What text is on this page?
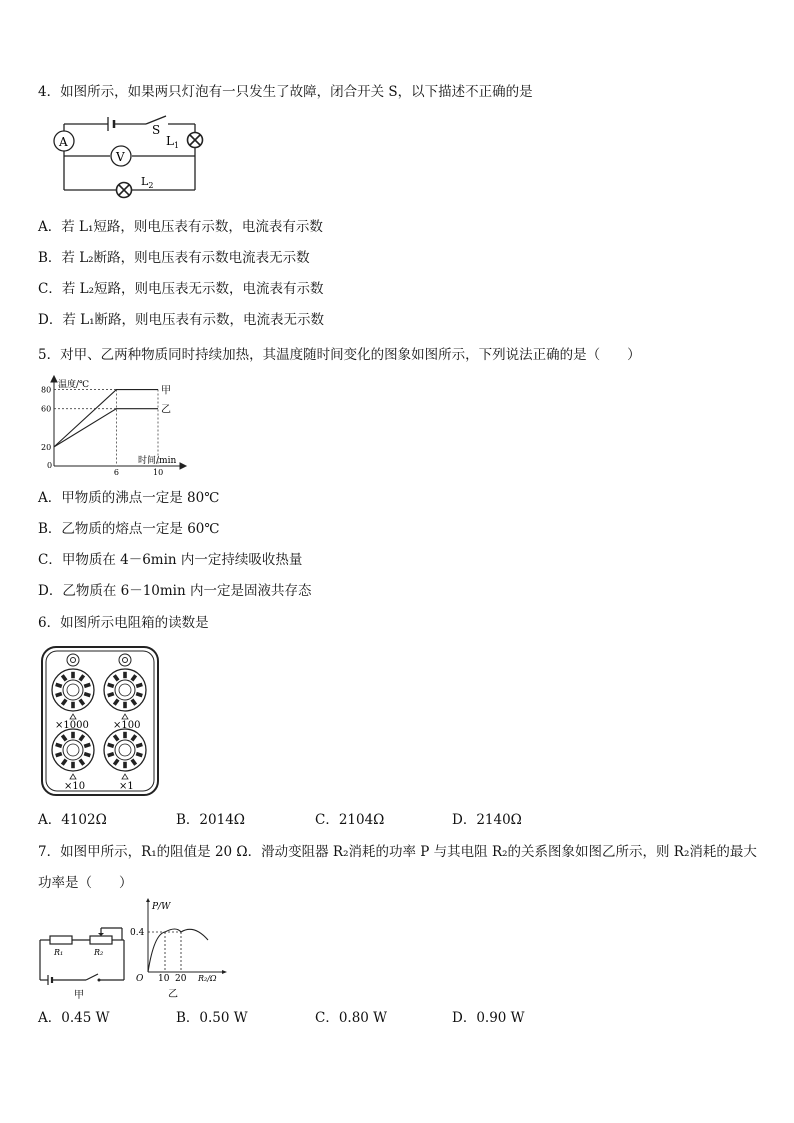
4．如图所示，如果两只灯泡有一只发生了故障，闭合开关 S，以下描述不正确的是
A
V
S
$L_1$
$L_2$
A．若 L₁短路，则电压表有示数，电流表有示数
B．若 L₂断路，则电压表有示数电流表无示数
C．若 L₂短路，则电压表无示数，电流表有示数
D．若 L₁断路，则电压表有示数，电流表无示数
5．对甲、乙两种物质同时持续加热，其温度随时间变化的图象如图所示，下列说法正确的是（　　）
甲
乙
20
60
80
0
6	10
温度/℃
时间/min
A．甲物质的沸点一定是 80℃
B．乙物质的熔点一定是 60℃
C．甲物质在 4－6min 内一定持续吸收热量
D．乙物质在 6－10min 内一定是固液共存态
6．如图所示电阻箱的读数是
×1000 ×100
×10	×1
A．4102Ω	B．2014Ω	C．2104Ω	D．2140Ω
7．如图甲所示，R₁的阻值是 20 Ω．滑动变阻器 R₂消耗的功率 P 与其电阻 R₂的关系图象如图乙所示，则 R₂消耗的最大
功率是（　　）
R₁	R₂
甲
P/W
0.4
O 10 20 R₂/Ω
乙
A．0.45 W	B．0.50 W	C．0.80 W	D．0.90 W
